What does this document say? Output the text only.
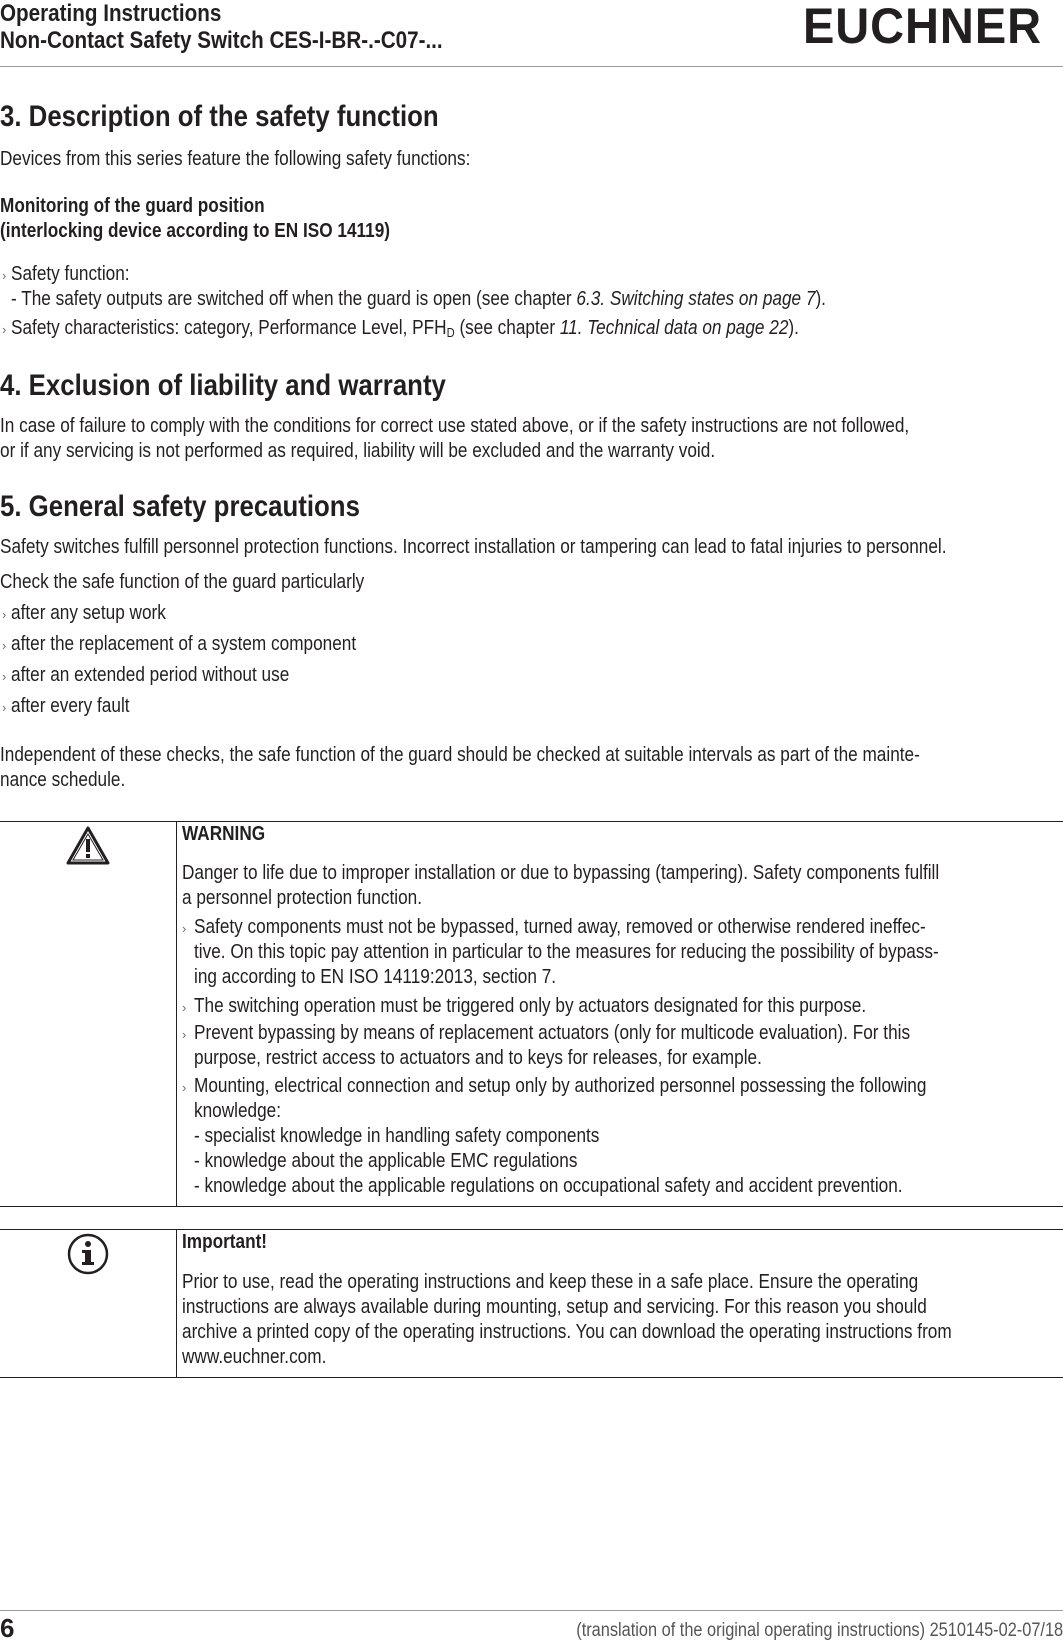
Operating Instructions
Non-Contact Safety Switch CES-I-BR-.-C07-...	EUCHNER
3. Description of the safety function
Devices from this series feature the following safety functions:
Monitoring of the guard position
(interlocking device according to EN ISO 14119)
› Safety function:
- The safety outputs are switched off when the guard is open (see chapter 6.3. Switching states on page 7).
› Safety characteristics: category, Performance Level, $PFH_D$ (see chapter 11. Technical data on page 22).
4. Exclusion of liability and warranty
In case of failure to comply with the conditions for correct use stated above, or if the safety instructions are not followed,
or if any servicing is not performed as required, liability will be excluded and the warranty void.
5. General safety precautions
Safety switches fulfill personnel protection functions. Incorrect installation or tampering can lead to fatal injuries to personnel.
Check the safe function of the guard particularly
› after any setup work
› after the replacement of a system component
› after an extended period without use
› after every fault
Independent of these checks, the safe function of the guard should be checked at suitable intervals as part of the mainte-
nance schedule.
WARNING
Danger to life due to improper installation or due to bypassing (tampering). Safety components fulfill
a personnel protection function.
› Safety components must not be bypassed, turned away, removed or otherwise rendered ineffec-
tive. On this topic pay attention in particular to the measures for reducing the possibility of bypass-
ing according to EN ISO 14119:2013, section 7.
› The switching operation must be triggered only by actuators designated for this purpose.
› Prevent bypassing by means of replacement actuators (only for multicode evaluation). For this
purpose, restrict access to actuators and to keys for releases, for example.
› Mounting, electrical connection and setup only by authorized personnel possessing the following
knowledge:
- specialist knowledge in handling safety components
- knowledge about the applicable EMC regulations
- knowledge about the applicable regulations on occupational safety and accident prevention.
Important!
Prior to use, read the operating instructions and keep these in a safe place. Ensure the operating
instructions are always available during mounting, setup and servicing. For this reason you should
archive a printed copy of the operating instructions. You can download the operating instructions from
www.euchner.com.
6	(translation of the original operating instructions) 2510145-02-07/18
